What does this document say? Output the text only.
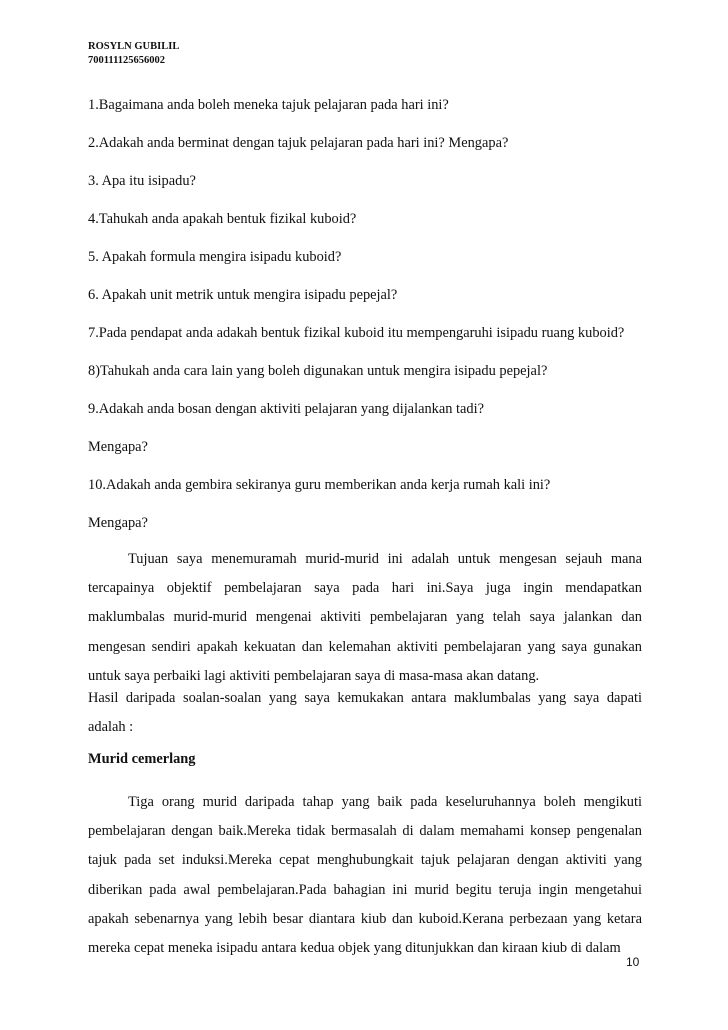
ROSYLN GUBILIL
700111125656002
1.Bagaimana anda boleh meneka tajuk pelajaran pada hari ini?
2.Adakah anda berminat dengan tajuk pelajaran pada hari ini? Mengapa?
3. Apa itu isipadu?
4.Tahukah anda apakah bentuk fizikal kuboid?
5. Apakah formula mengira isipadu kuboid?
6. Apakah unit metrik untuk mengira isipadu pepejal?
7.Pada pendapat anda adakah bentuk fizikal kuboid itu mempengaruhi isipadu ruang kuboid?
8)Tahukah anda cara lain yang boleh digunakan untuk mengira isipadu pepejal?
9.Adakah anda bosan dengan aktiviti pelajaran yang dijalankan tadi?
Mengapa?
10.Adakah anda gembira sekiranya guru memberikan anda kerja rumah kali ini?
Mengapa?
Tujuan saya menemuramah murid-murid ini adalah untuk mengesan sejauh mana tercapainya objektif pembelajaran saya pada hari ini.Saya juga ingin mendapatkan maklumbalas murid-murid mengenai aktiviti pembelajaran yang telah saya jalankan dan mengesan sendiri apakah kekuatan dan kelemahan aktiviti pembelajaran yang saya gunakan untuk saya perbaiki lagi aktiviti pembelajaran saya di masa-masa akan datang.
Hasil daripada soalan-soalan yang saya kemukakan antara maklumbalas yang saya dapati adalah :
Murid cemerlang
Tiga orang murid daripada tahap yang baik pada keseluruhannya boleh mengikuti pembelajaran dengan baik.Mereka tidak bermasalah di dalam memahami konsep pengenalan tajuk pada set induksi.Mereka cepat menghubungkait tajuk pelajaran dengan aktiviti yang diberikan pada awal pembelajaran.Pada bahagian ini murid begitu teruja ingin mengetahui apakah sebenarnya yang lebih besar diantara kiub dan kuboid.Kerana perbezaan yang ketara mereka cepat meneka isipadu antara kedua objek yang ditunjukkan dan kiraan kiub di dalam
10
